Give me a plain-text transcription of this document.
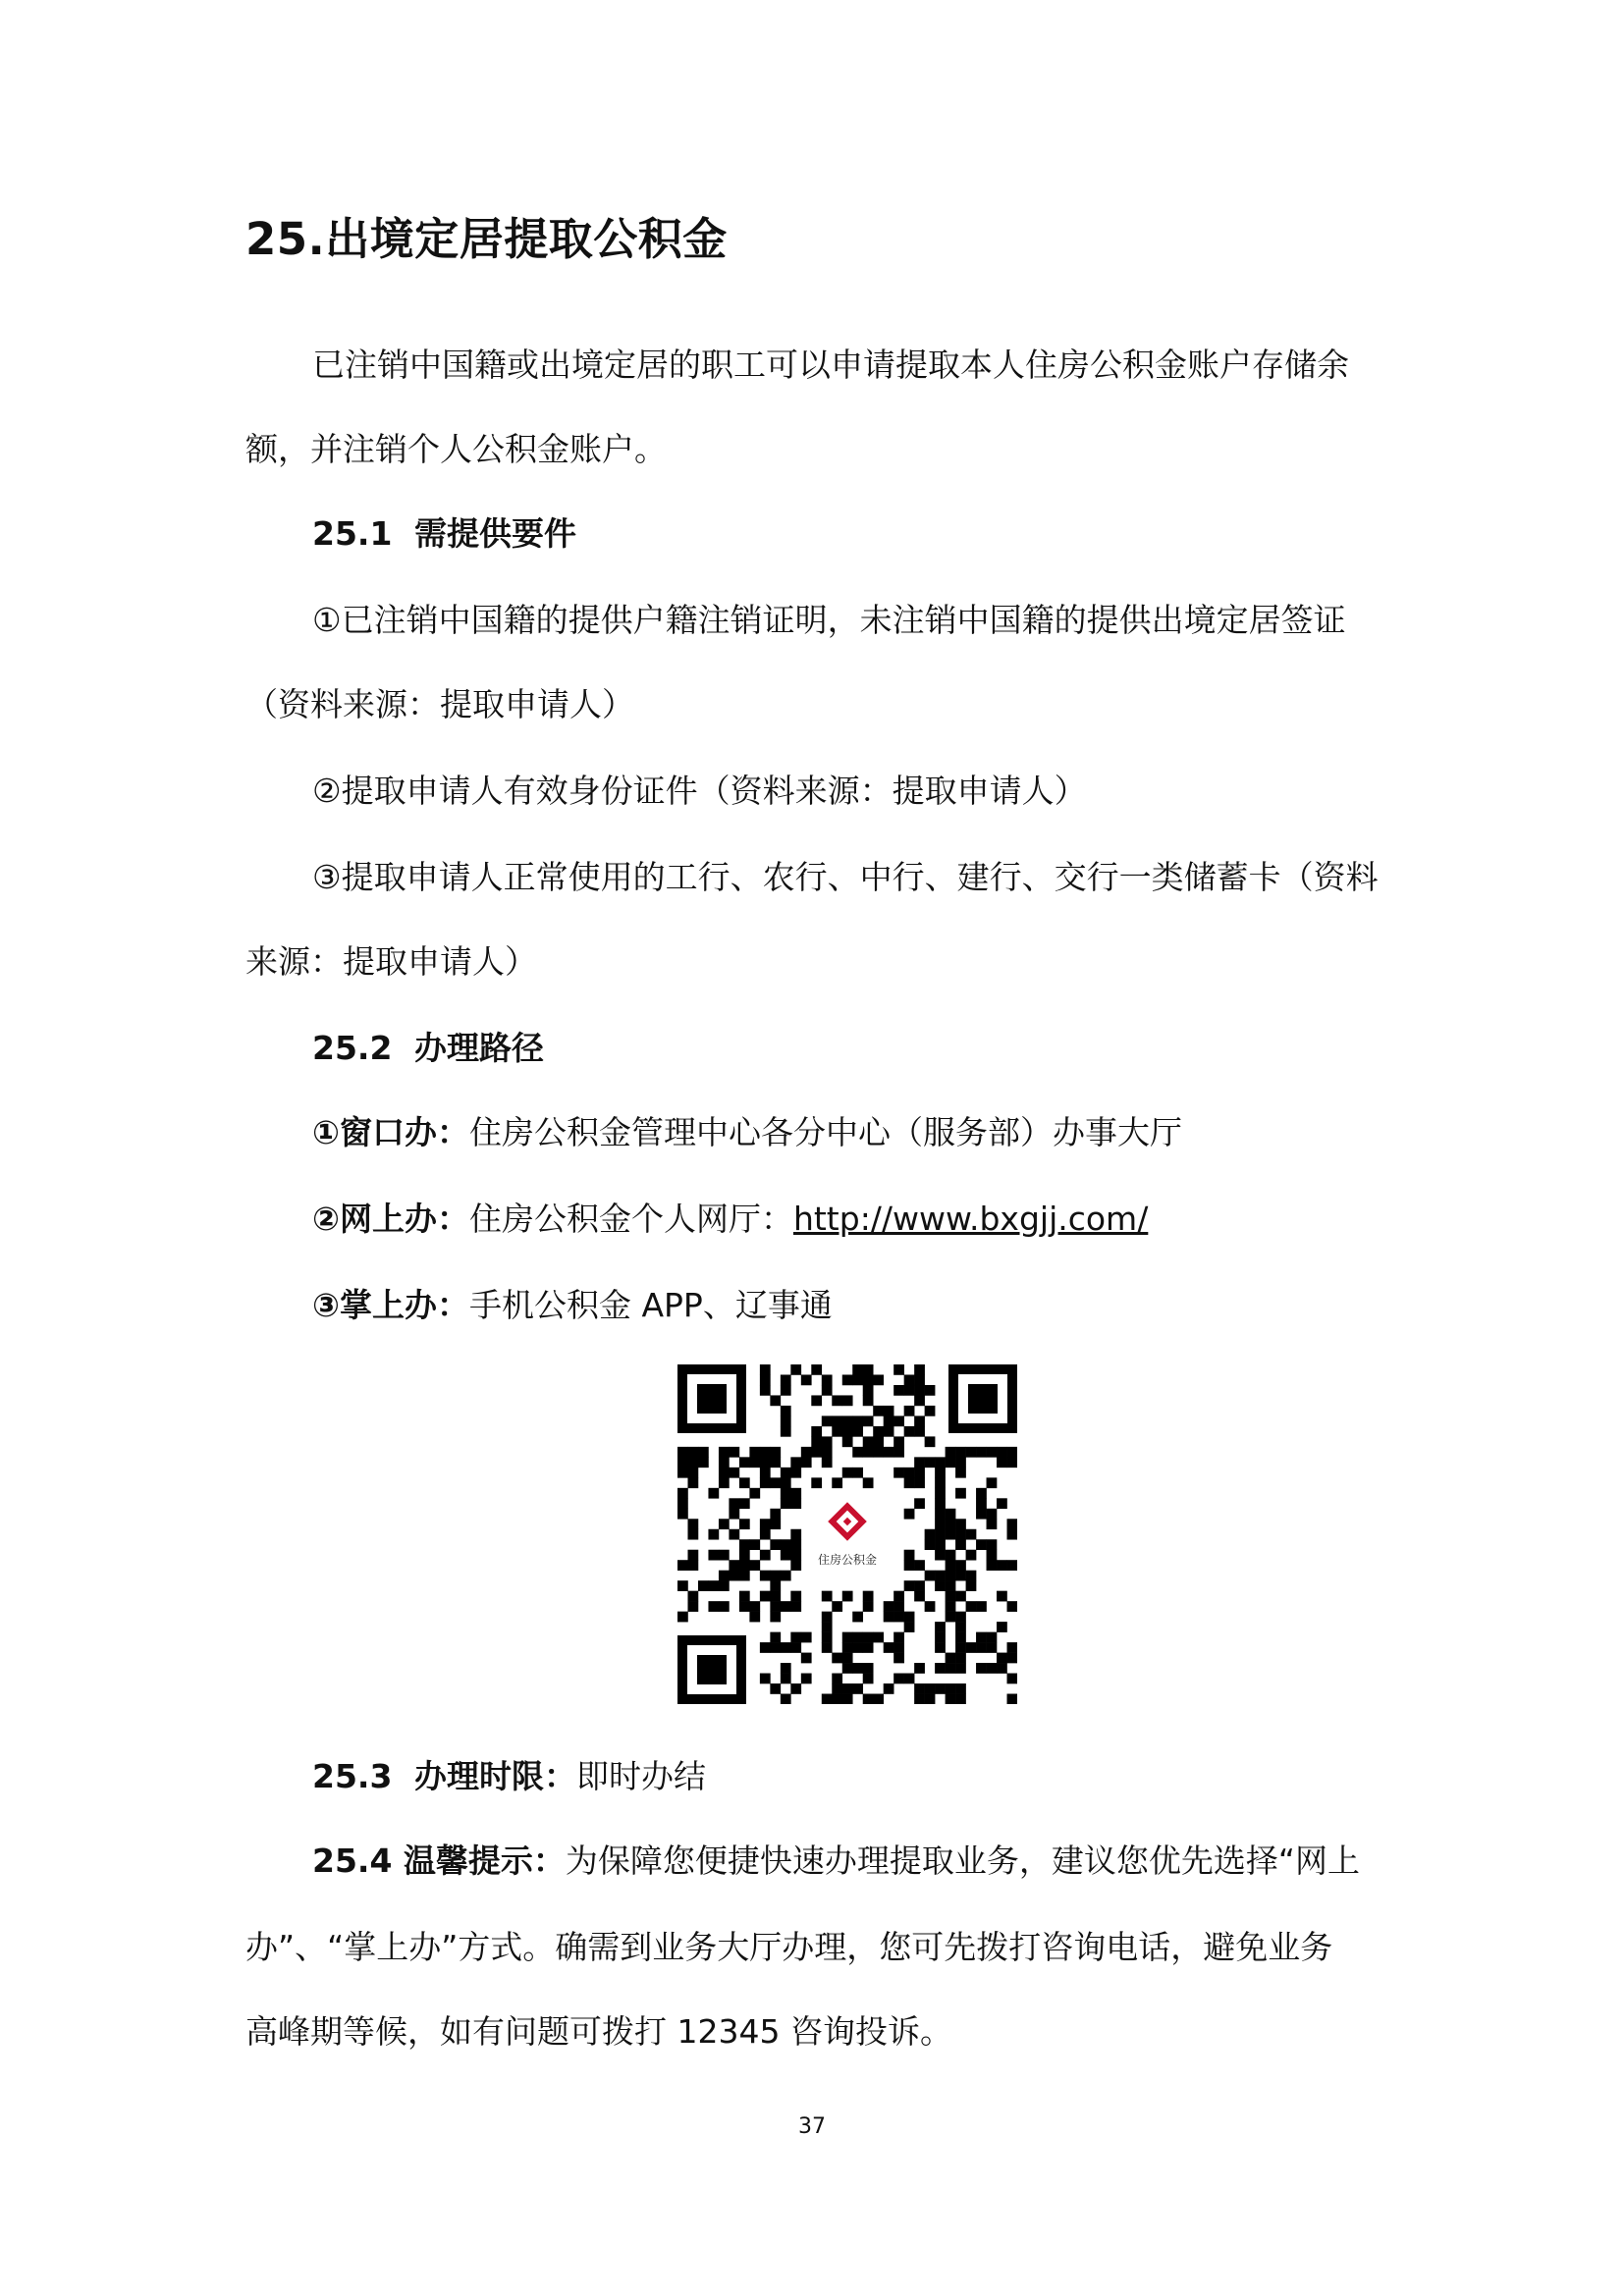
25.出境定居提取公积金

已注销中国籍或出境定居的职工可以申请提取本人住房公积金账户存储余

额，并注销个人公积金账户。

25.1 需提供要件

①已注销中国籍的提供户籍注销证明，未注销中国籍的提供出境定居签证

（资料来源：提取申请人）

②提取申请人有效身份证件（资料来源：提取申请人）

③提取申请人正常使用的工行、农行、中行、建行、交行一类储蓄卡（资料

来源：提取申请人）

25.2 办理路径

①窗口办：住房公积金管理中心各分中心（服务部）办事大厅

②网上办：住房公积金个人网厅：http://www.bxgjj.com/

③掌上办：手机公积金 APP、辽事通

住房公积金

25.3 办理时限：即时办结

25.4 温馨提示：为保障您便捷快速办理提取业务，建议您优先选择“网上

办”、“掌上办”方式。确需到业务大厅办理，您可先拨打咨询电话，避免业务

高峰期等候，如有问题可拨打 12345 咨询投诉。

37
